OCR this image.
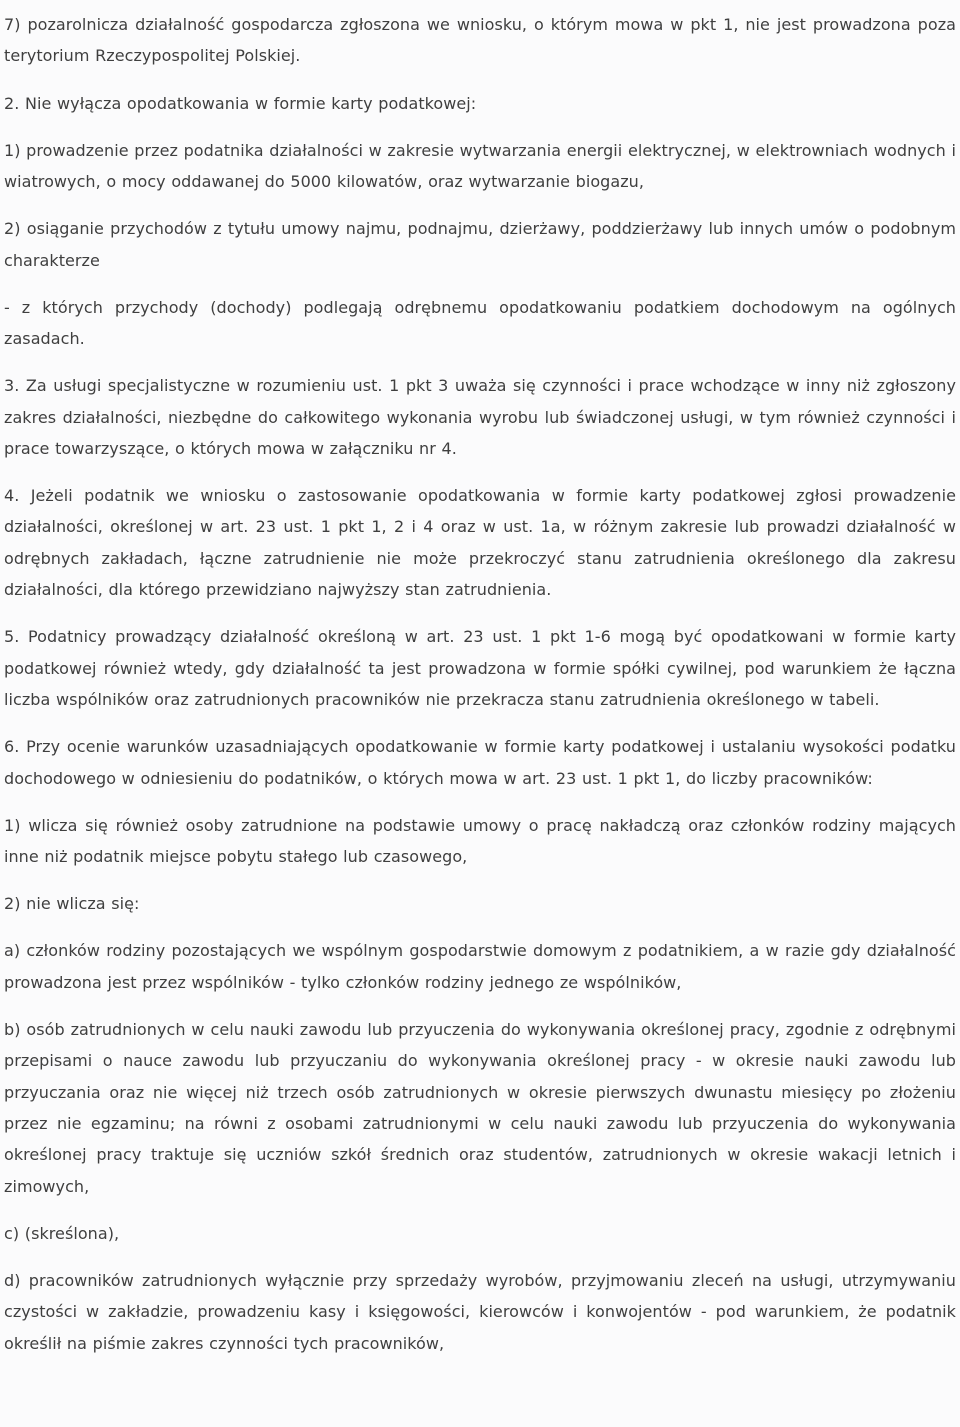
7) pozarolnicza działalność gospodarcza zgłoszona we wniosku, o którym mowa w pkt 1, nie jest prowadzona poza terytorium Rzeczypospolitej Polskiej.

2. Nie wyłącza opodatkowania w formie karty podatkowej:

1) prowadzenie przez podatnika działalności w zakresie wytwarzania energii elektrycznej, w elektrowniach wodnych i wiatrowych, o mocy oddawanej do 5000 kilowatów, oraz wytwarzanie biogazu,

2) osiąganie przychodów z tytułu umowy najmu, podnajmu, dzierżawy, poddzierżawy lub innych umów o podobnym charakterze

- z których przychody (dochody) podlegają odrębnemu opodatkowaniu podatkiem dochodowym na ogólnych zasadach.

3. Za usługi specjalistyczne w rozumieniu ust. 1 pkt 3 uważa się czynności i prace wchodzące w inny niż zgłoszony zakres działalności, niezbędne do całkowitego wykonania wyrobu lub świadczonej usługi, w tym również czynności i prace towarzyszące, o których mowa w załączniku nr 4.

4. Jeżeli podatnik we wniosku o zastosowanie opodatkowania w formie karty podatkowej zgłosi prowadzenie działalności, określonej w art. 23 ust. 1 pkt 1, 2 i 4 oraz w ust. 1a, w różnym zakresie lub prowadzi działalność w odrębnych zakładach, łączne zatrudnienie nie może przekroczyć stanu zatrudnienia określonego dla zakresu działalności, dla którego przewidziano najwyższy stan zatrudnienia.

5. Podatnicy prowadzący działalność określoną w art. 23 ust. 1 pkt 1-6 mogą być opodatkowani w formie karty podatkowej również wtedy, gdy działalność ta jest prowadzona w formie spółki cywilnej, pod warunkiem że łączna liczba wspólników oraz zatrudnionych pracowników nie przekracza stanu zatrudnienia określonego w tabeli.

6. Przy ocenie warunków uzasadniających opodatkowanie w formie karty podatkowej i ustalaniu wysokości podatku dochodowego w odniesieniu do podatników, o których mowa w art. 23 ust. 1 pkt 1, do liczby pracowników:

1) wlicza się również osoby zatrudnione na podstawie umowy o pracę nakładczą oraz członków rodziny mających inne niż podatnik miejsce pobytu stałego lub czasowego,

2) nie wlicza się:

a) członków rodziny pozostających we wspólnym gospodarstwie domowym z podatnikiem, a w razie gdy działalność prowadzona jest przez wspólników - tylko członków rodziny jednego ze wspólników,

b) osób zatrudnionych w celu nauki zawodu lub przyuczenia do wykonywania określonej pracy, zgodnie z odrębnymi przepisami o nauce zawodu lub przyuczaniu do wykonywania określonej pracy - w okresie nauki zawodu lub przyuczania oraz nie więcej niż trzech osób zatrudnionych w okresie pierwszych dwunastu miesięcy po złożeniu przez nie egzaminu; na równi z osobami zatrudnionymi w celu nauki zawodu lub przyuczenia do wykonywania określonej pracy traktuje się uczniów szkół średnich oraz studentów, zatrudnionych w okresie wakacji letnich i zimowych,

c) (skreślona),

d) pracowników zatrudnionych wyłącznie przy sprzedaży wyrobów, przyjmowaniu zleceń na usługi, utrzymywaniu czystości w zakładzie, prowadzeniu kasy i księgowości, kierowców i konwojentów - pod warunkiem, że podatnik określił na piśmie zakres czynności tych pracowników,
